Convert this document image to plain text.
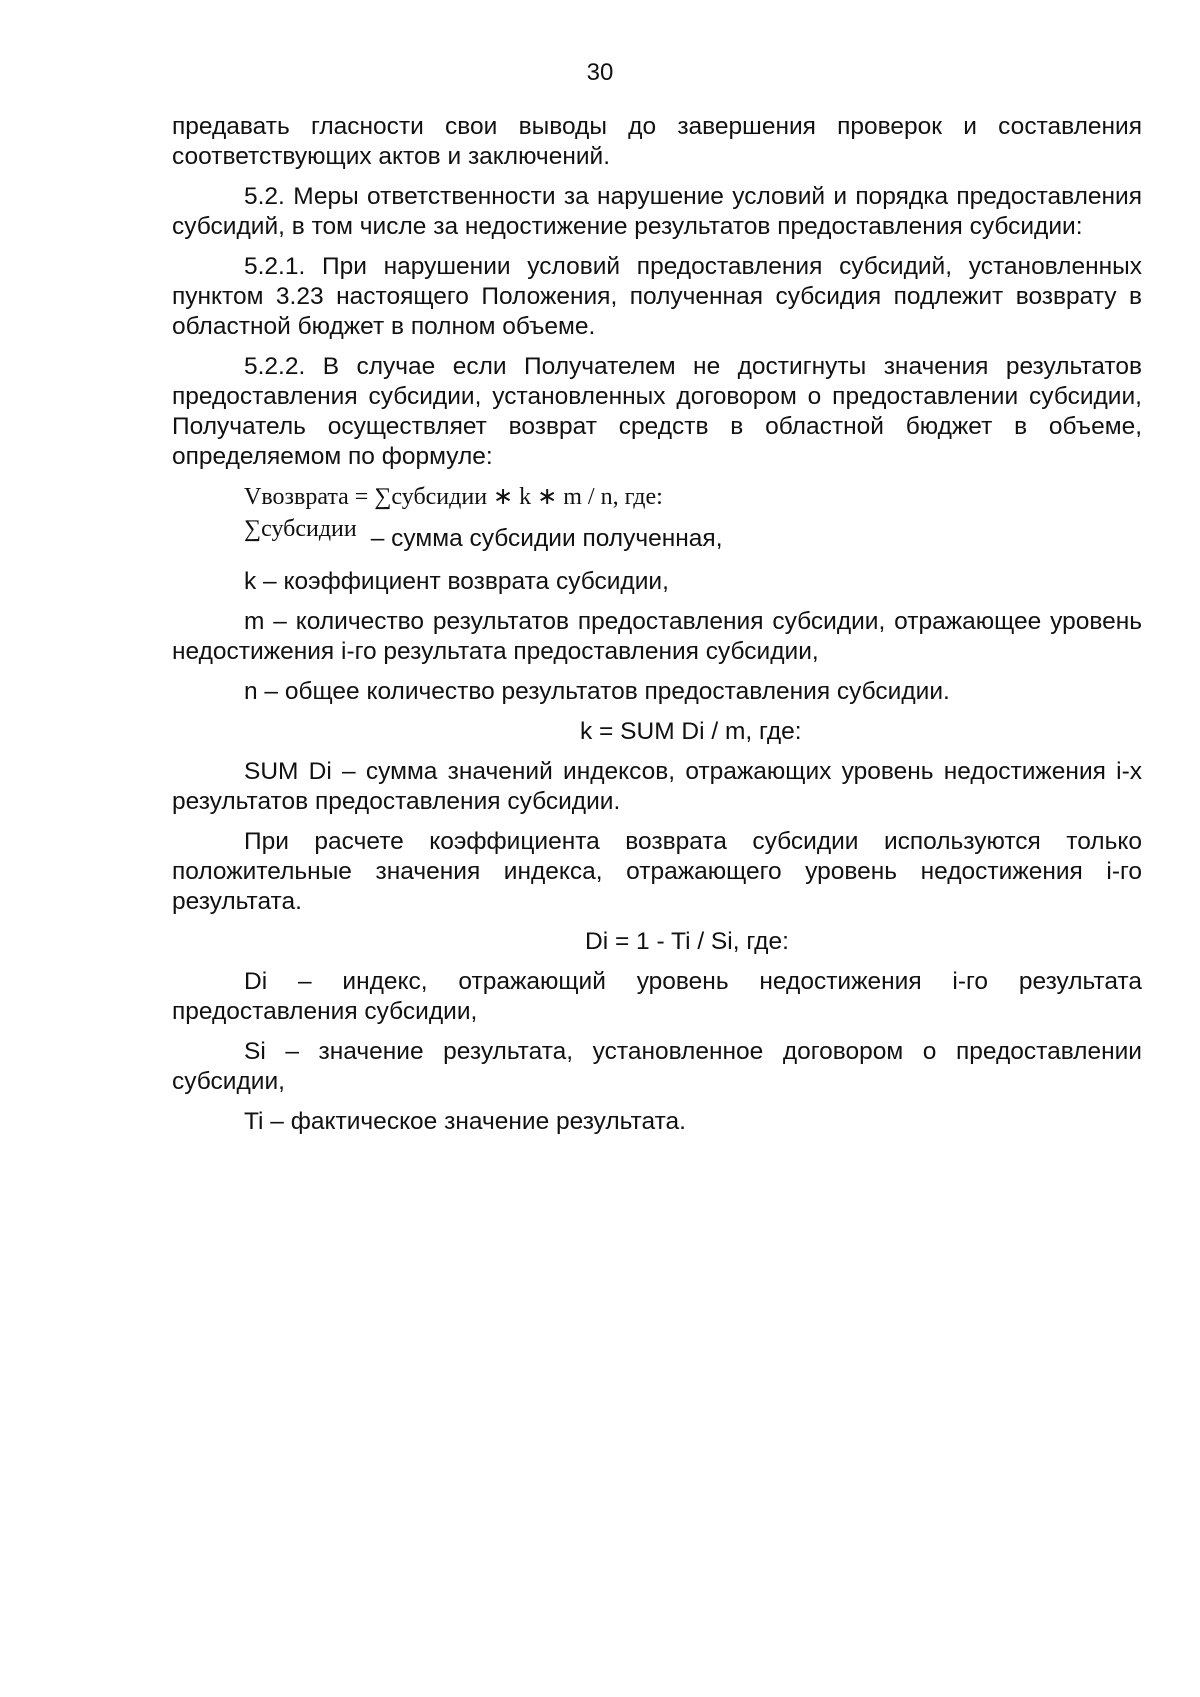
30

предавать гласности свои выводы до завершения проверок и составления соответствующих актов и заключений.

5.2. Меры ответственности за нарушение условий и порядка предоставления субсидий, в том числе за недостижение результатов предоставления субсидии:

5.2.1. При нарушении условий предоставления субсидий, установленных пунктом 3.23 настоящего Положения, полученная субсидия подлежит возврату в областной бюджет в полном объеме.

5.2.2. В случае если Получателем не достигнуты значения результатов предоставления субсидии, установленных договором о предоставлении субсидии, Получатель осуществляет возврат средств в областной бюджет в объеме, определяемом по формуле:

Vвозврата = ∑субсидии ∗ k ∗ m / n, где:
∑субсидии – сумма субсидии полученная,

k – коэффициент возврата субсидии,

m – количество результатов предоставления субсидии, отражающее уровень недостижения i-го результата предоставления субсидии,

n – общее количество результатов предоставления субсидии.

k = SUM Di / m, где:

SUM Di – сумма значений индексов, отражающих уровень недостижения i-х результатов предоставления субсидии.

При расчете коэффициента возврата субсидии используются только положительные значения индекса, отражающего уровень недостижения i-го результата.

Di = 1 - Ti / Si, где:

Di – индекс, отражающий уровень недостижения i-го результата предоставления субсидии,

Si – значение результата, установленное договором о предоставлении субсидии,

Ti – фактическое значение результата.
